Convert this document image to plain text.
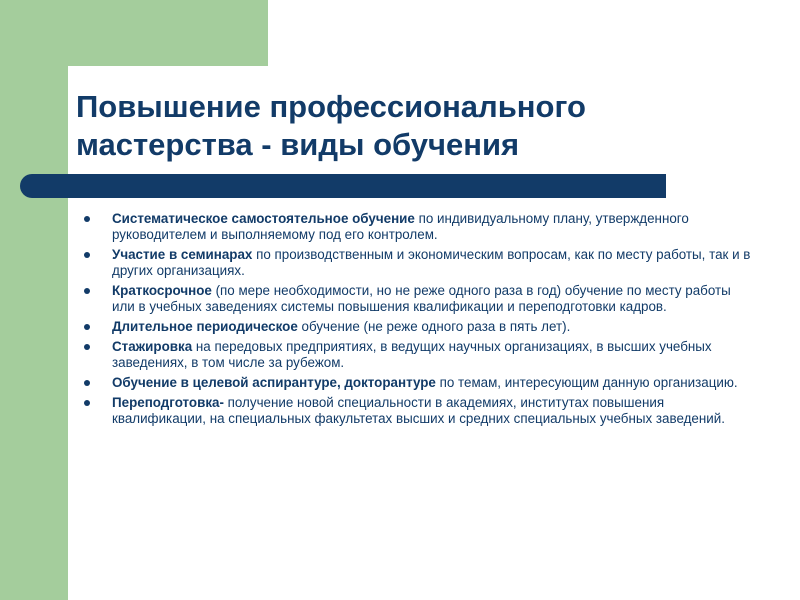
Повышение профессионального мастерства - виды обучения
Систематическое самостоятельное обучение по индивидуальному плану, утвержденного руководителем и выполняемому под его контролем.
Участие в семинарах по производственным и экономическим вопросам, как по месту работы, так и в других организациях.
Краткосрочное (по мере необходимости, но не реже одного раза в год) обучение по месту работы или в учебных заведениях системы повышения квалификации и переподготовки кадров.
Длительное периодическое обучение (не реже одного раза в пять лет).
Стажировка на передовых предприятиях, в ведущих научных организациях, в высших учебных заведениях, в том числе за рубежом.
Обучение в целевой аспирантуре, докторантуре по темам, интересующим данную организацию.
Переподготовка- получение новой специальности в академиях, институтах повышения квалификации, на специальных факультетах высших и средних специальных учебных заведений.
